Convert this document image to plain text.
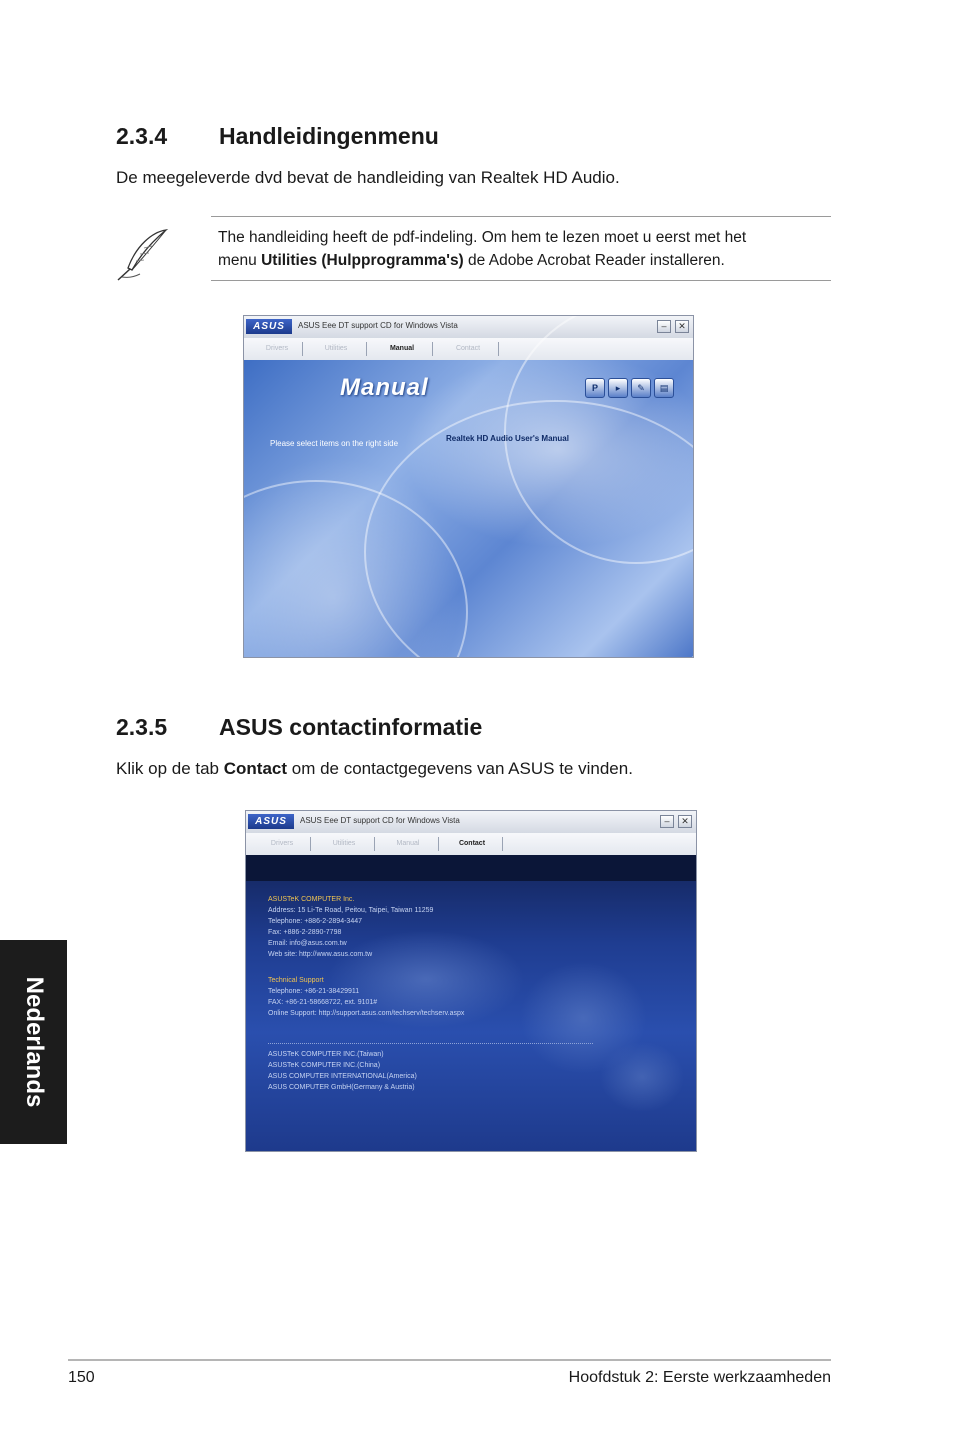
2.3.4 Handleidingenmenu
De meegeleverde dvd bevat de handleiding van Realtek HD Audio.
The handleiding heeft de pdf-indeling. Om hem te lezen moet u eerst met het
menu Utilities (Hulpprogramma's) de Adobe Acrobat Reader installeren.
ASUS	ASUS Eee DT support CD for Windows Vista	–	✕
Drivers	Utilities	Manual	Contact
Manual	P	▸	✎	▤
Please select items on the right side
Realtek HD Audio User's Manual
2.3.5 ASUS contactinformatie
Klik op de tab Contact om de contactgegevens van ASUS te vinden.
ASUS	ASUS Eee DT support CD for Windows Vista	–	✕
Drivers	Utilities	Manual	Contact
ASUSTeK COMPUTER Inc.
Address: 15 Li-Te Road, Peitou, Taipei, Taiwan 11259
Telephone: +886-2-2894-3447
Fax: +886-2-2890-7798
Email: info@asus.com.tw
Web site: http://www.asus.com.tw
Technical Support
Telephone: +86-21-38429911
FAX: +86-21-58668722, ext. 9101#
Online Support: http://support.asus.com/techserv/techserv.aspx
ASUSTeK COMPUTER INC.(Taiwan)
ASUSTeK COMPUTER INC.(China)
ASUS COMPUTER INTERNATIONAL(America)
ASUS COMPUTER GmbH(Germany & Austria)
Nederlands
150	Hoofdstuk 2: Eerste werkzaamheden
